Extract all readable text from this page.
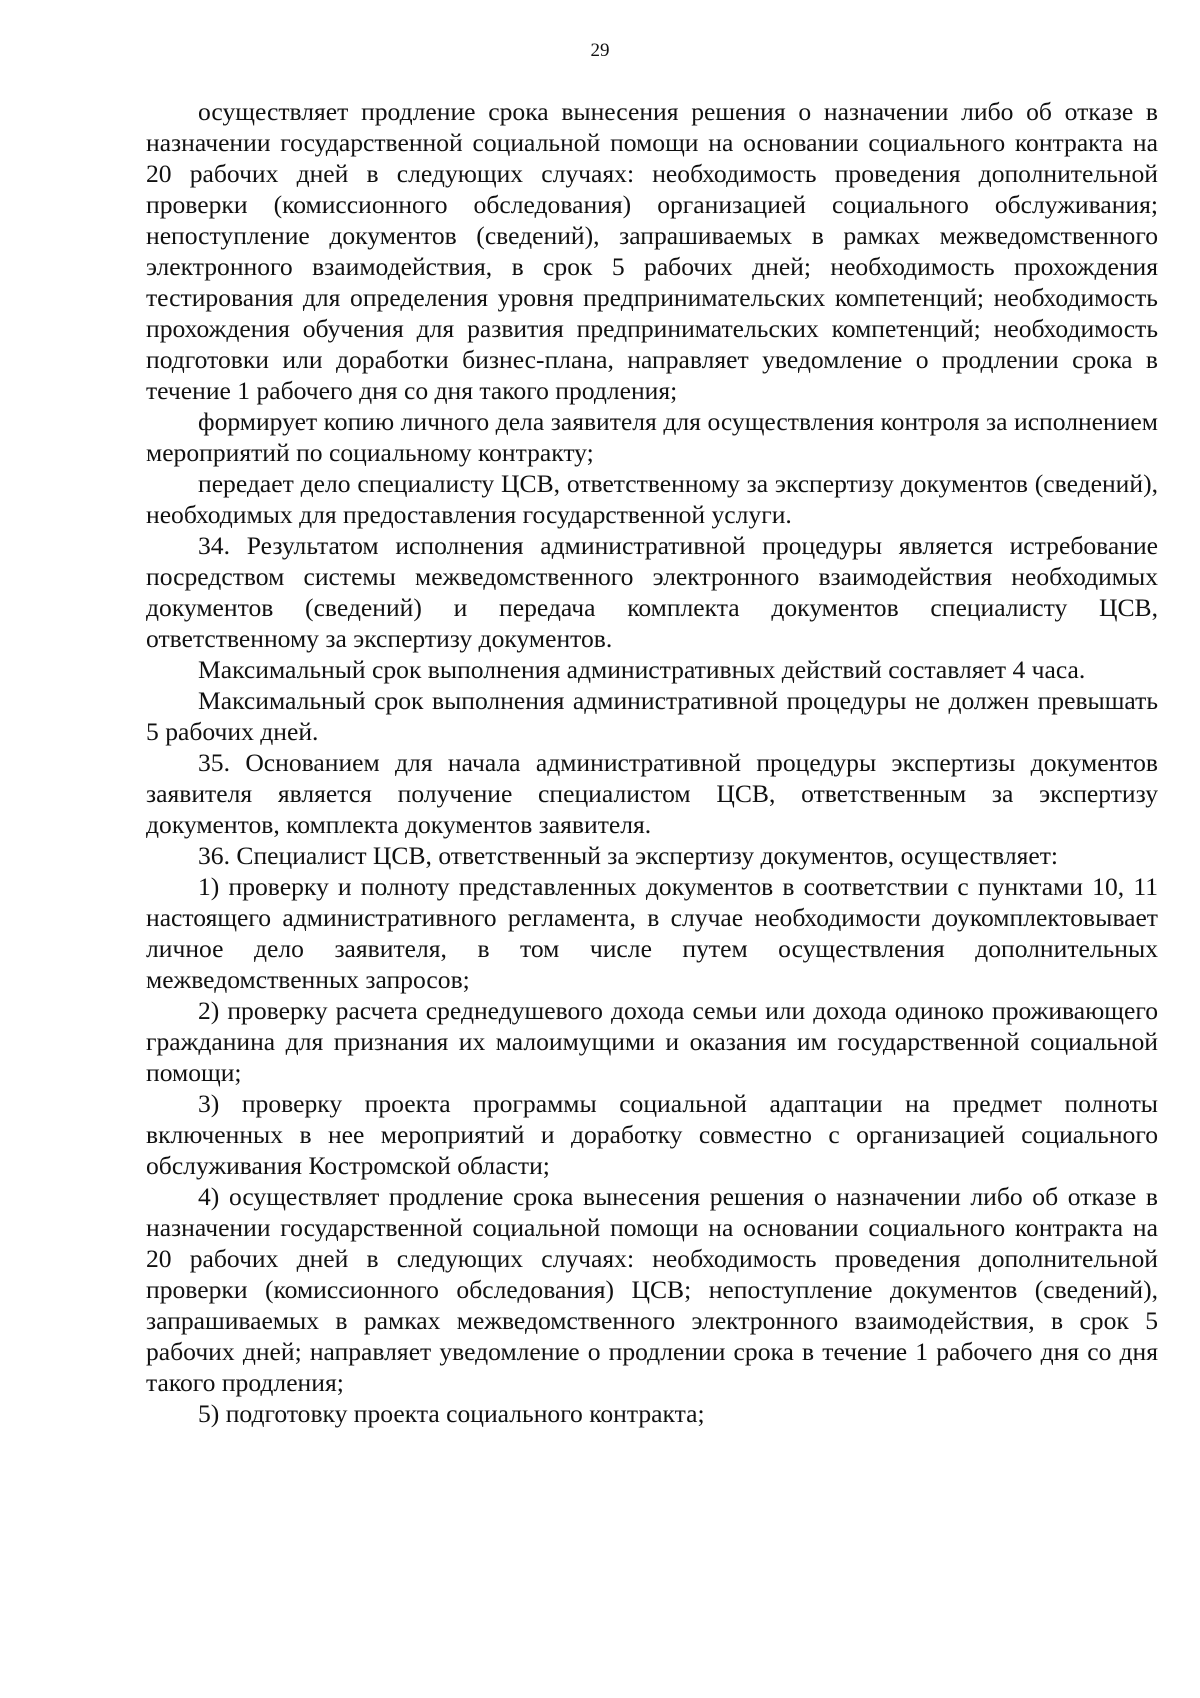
29

осуществляет продление срока вынесения решения о назначении либо об отказе в назначении государственной социальной помощи на основании социального контракта на 20 рабочих дней в следующих случаях: необходимость проведения дополнительной проверки (комиссионного обследования) организацией социального обслуживания; непоступление документов (сведений), запрашиваемых в рамках межведомственного электронного взаимодействия, в срок 5 рабочих дней; необходимость прохождения тестирования для определения уровня предпринимательских компетенций; необходимость прохождения обучения для развития предпринимательских компетенций; необходимость подготовки или доработки бизнес-плана, направляет уведомление о продлении срока в течение 1 рабочего дня со дня такого продления;

формирует копию личного дела заявителя для осуществления контроля за исполнением мероприятий по социальному контракту;

передает дело специалисту ЦСВ, ответственному за экспертизу документов (сведений), необходимых для предоставления государственной услуги.

34. Результатом исполнения административной процедуры является истребование посредством системы межведомственного электронного взаимодействия необходимых документов (сведений) и передача комплекта документов специалисту ЦСВ, ответственному за экспертизу документов.

Максимальный срок выполнения административных действий составляет 4 часа.

Максимальный срок выполнения административной процедуры не должен превышать 5 рабочих дней.

35. Основанием для начала административной процедуры экспертизы документов заявителя является получение специалистом ЦСВ, ответственным за экспертизу документов, комплекта документов заявителя.

36. Специалист ЦСВ, ответственный за экспертизу документов, осуществляет:

1) проверку и полноту представленных документов в соответствии с пунктами 10, 11 настоящего административного регламента, в случае необходимости доукомплектовывает личное дело заявителя, в том числе путем осуществления дополнительных межведомственных запросов;

2) проверку расчета среднедушевого дохода семьи или дохода одиноко проживающего гражданина для признания их малоимущими и оказания им государственной социальной помощи;

3) проверку проекта программы социальной адаптации на предмет полноты включенных в нее мероприятий и доработку совместно с организацией социального обслуживания Костромской области;

4) осуществляет продление срока вынесения решения о назначении либо об отказе в назначении государственной социальной помощи на основании социального контракта на 20 рабочих дней в следующих случаях: необходимость проведения дополнительной проверки (комиссионного обследования) ЦСВ; непоступление документов (сведений), запрашиваемых в рамках межведомственного электронного взаимодействия, в срок 5 рабочих дней; направляет уведомление о продлении срока в течение 1 рабочего дня со дня такого продления;

5) подготовку проекта социального контракта;
